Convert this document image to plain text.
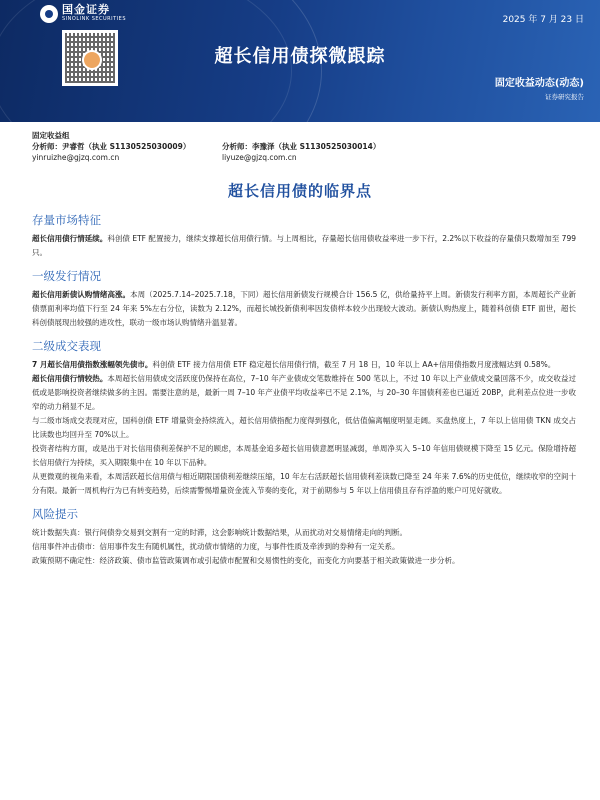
国金证券
SINOLINK SECURITIES	2025 年 7 月 23 日
超长信用债探微跟踪
固定收益动态(动态)
证券研究报告
固定收益组
分析师：尹睿哲（执业 S1130525030009）	分析师：李豫泽（执业 S1130525030014）
yinruizhe@gjzq.com.cn	liyuze@gjzq.com.cn
超长信用债的临界点
存量市场特征

超长信用债行情延续。科创债 ETF 配置接力，继续支撑超长信用债行情。与上周相比，存量超长信用债收益率进一步下行，2.2%以下收益的存量债只数增加至 799 只。

一级发行情况

超长信用新债认购情绪高涨。本周（2025.7.14–2025.7.18，下同）超长信用新债发行规模合计 156.5 亿，供给量持平上周。新债发行利率方面，本周超长产业新债票面利率均值下行至 24 年来 5%左右分位，读数为 2.12%，而超长城投新债利率因发债样本较少出现较大波动。新债认购热度上，随着科创债 ETF 面世，超长科创债展现出较强的进攻性，联动一级市场认购情绪升温显著。

二级成交表现

7 月超长信用债指数涨幅领先债市。科创债 ETF 接力信用债 ETF 稳定超长信用债行情，截至 7 月 18 日，10 年以上 AA+信用债指数月度涨幅达到 0.58%。

超长信用债行情较热。本周超长信用债成交活跃度仍保持在高位，7–10 年产业债成交笔数维持在 500 笔以上，不过 10 年以上产业债成交量回落不少，成交收益过低或是影响投资者继续做多的主因。需要注意的是，最新一周 7–10 年产业债平均收益率已不足 2.1%，与 20–30 年国债利差也已逼近 20BP，此利差点位进一步收窄的动力稍显不足。

与二级市场成交表现对应，国科创债 ETF 增量资金持续流入，超长信用债指配力度得到强化，低估值偏离幅度明显走阔。买盘热度上，7 年以上信用债 TKN 成交占比读数也均回升至 70%以上。

投资者结构方面，或是出于对长信用债利差保护不足的顾虑，本周基金追多超长信用债意愿明显减弱，单周净买入 5–10 年信用债规模下降至 15 亿元。保险增持超长信用债行为持续，买入期限集中在 10 年以下品种。

从更微观的视角来看，本周活跃超长信用债与相近期限国债利差继续压缩，10 年左右活跃超长信用债利差读数已降至 24 年来 7.6%的历史低位，继续收窄的空间十分有限。最新一周机构行为已有转变趋势，后续需警惕增量资金流入节奏的变化，对于前期参与 5 年以上信用债且存有浮盈的账户可见好就收。

风险提示

统计数据失真：银行间债券交易到交割有一定的时滞，这会影响统计数据结果，从而扰动对交易情绪走向的判断。

信用事件冲击债市：信用事件发生有随机属性，扰动债市情绪的力度，与事件性质及牵涉到的券种有一定关系。

政策预期不确定性：经济政策、债市监管政策调布或引起债市配置和交易惯性的变化，而变化方向要基于相关政策做进一步分析。
